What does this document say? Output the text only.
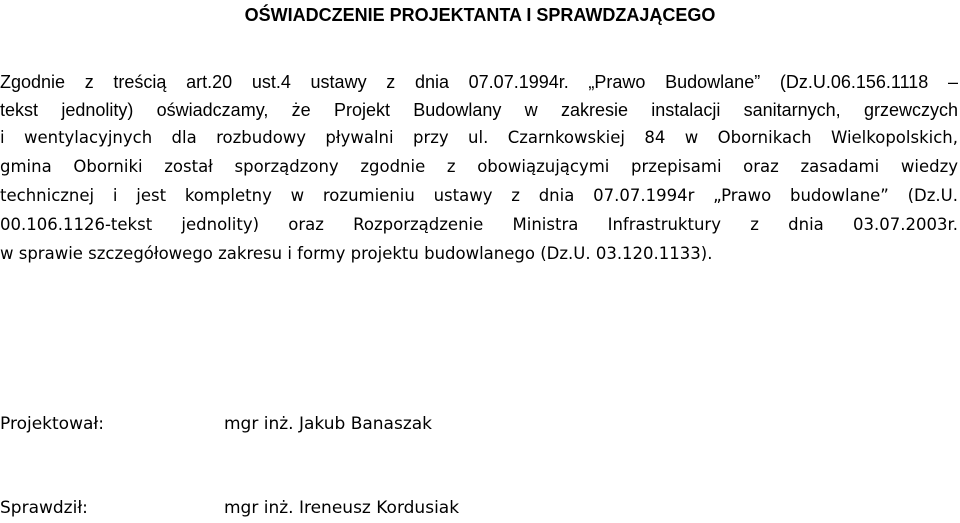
OŚWIADCZENIE PROJEKTANTA I SPRAWDZAJĄCEGO
Zgodnie z treścią art.20 ust.4 ustawy z dnia 07.07.1994r. „Prawo Budowlane” (Dz.U.06.156.1118 –
tekst jednolity) oświadczamy, że Projekt Budowlany w zakresie instalacji sanitarnych, grzewczych
i wentylacyjnych dla rozbudowy pływalni przy ul. Czarnkowskiej 84 w Obornikach Wielkopolskich,
gmina Oborniki został sporządzony zgodnie z obowiązującymi przepisami oraz zasadami wiedzy
technicznej i jest kompletny w rozumieniu ustawy z dnia 07.07.1994r „Prawo budowlane” (Dz.U.
00.106.1126-tekst jednolity) oraz Rozporządzenie Ministra Infrastruktury z dnia 03.07.2003r.
w sprawie szczegółowego zakresu i formy projektu budowlanego (Dz.U. 03.120.1133).
Projektował:	mgr inż. Jakub Banaszak
Sprawdził:	mgr inż. Ireneusz Kordusiak
